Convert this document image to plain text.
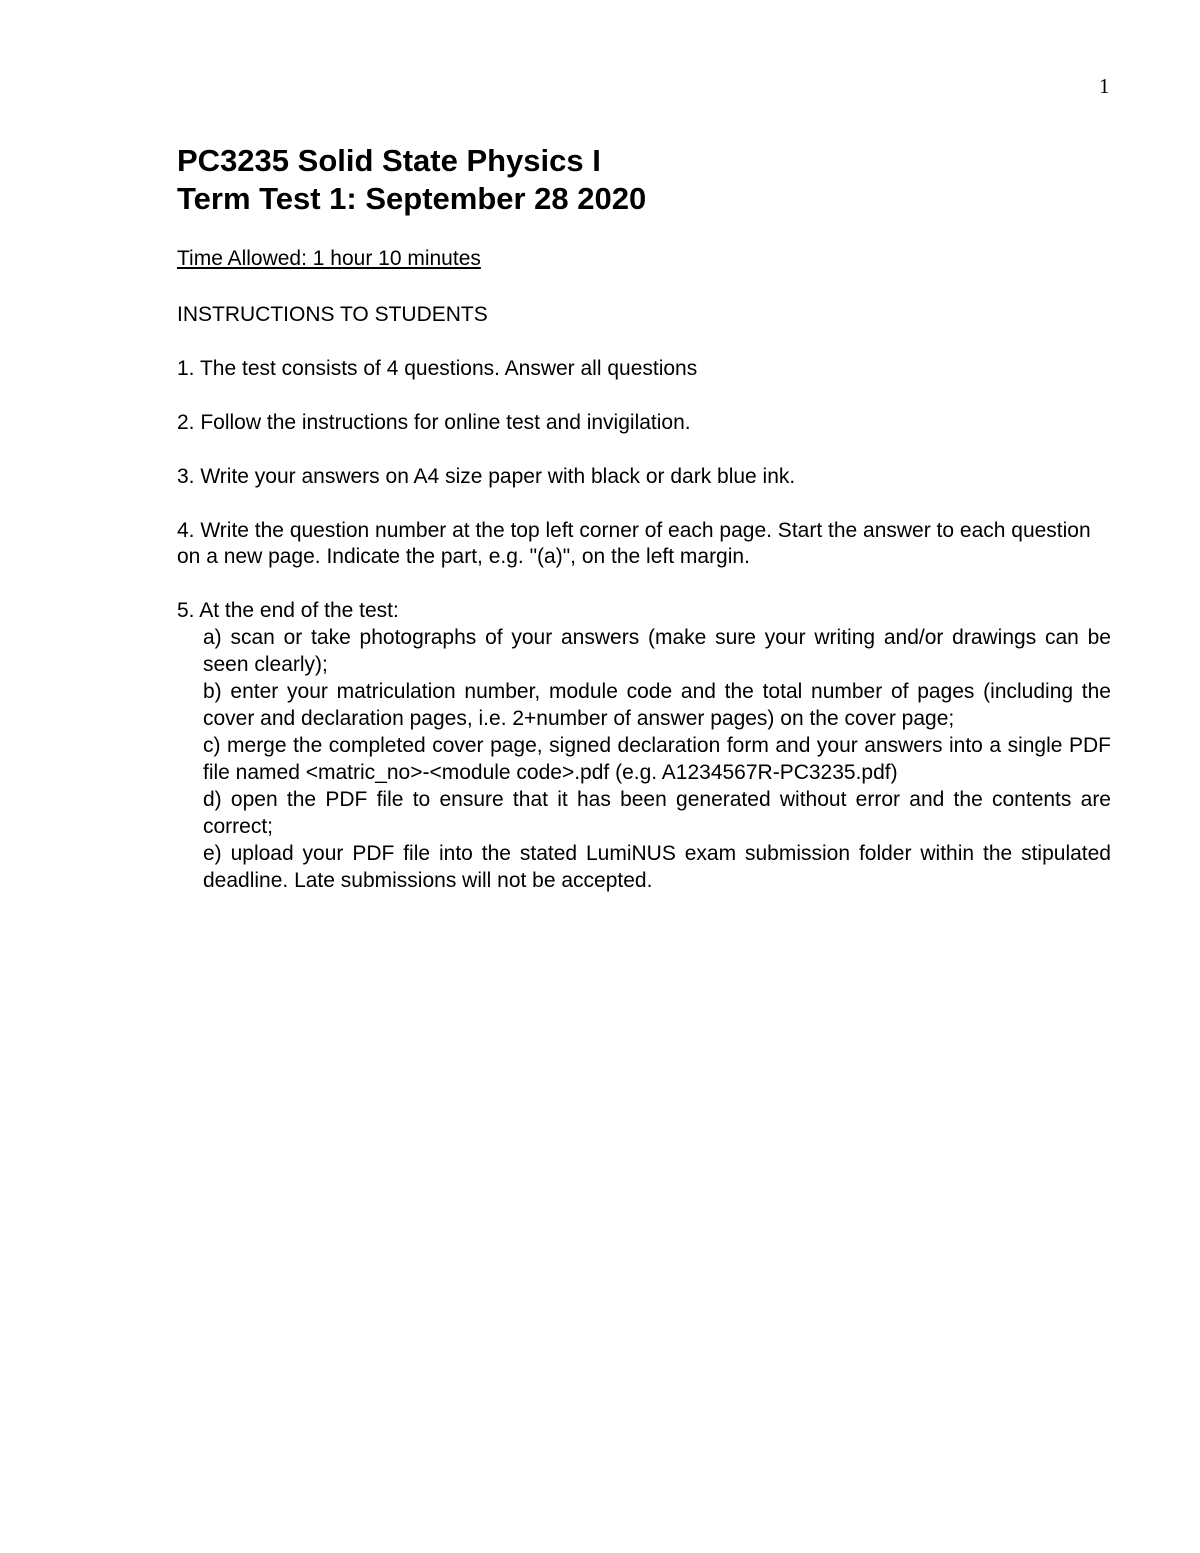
1
PC3235 Solid State Physics I
Term Test 1: September 28 2020

Time Allowed: 1 hour 10 minutes

INSTRUCTIONS TO STUDENTS

1. The test consists of 4 questions. Answer all questions

2. Follow the instructions for online test and invigilation.

3. Write your answers on A4 size paper with black or dark blue ink.

4. Write the question number at the top left corner of each page. Start the answer to each question on a new page. Indicate the part, e.g. "(a)", on the left margin.

5. At the end of the test:

a) scan or take photographs of your answers (make sure your writing and/or drawings can be seen clearly);
b) enter your matriculation number, module code and the total number of pages (including the cover and declaration pages, i.e. 2+number of answer pages) on the cover page;
c) merge the completed cover page, signed declaration form and your answers into a single PDF file named <matric_no>-<module code>.pdf (e.g. A1234567R-PC3235.pdf)
d) open the PDF file to ensure that it has been generated without error and the contents are correct;
e) upload your PDF file into the stated LumiNUS exam submission folder within the stipulated deadline. Late submissions will not be accepted.
